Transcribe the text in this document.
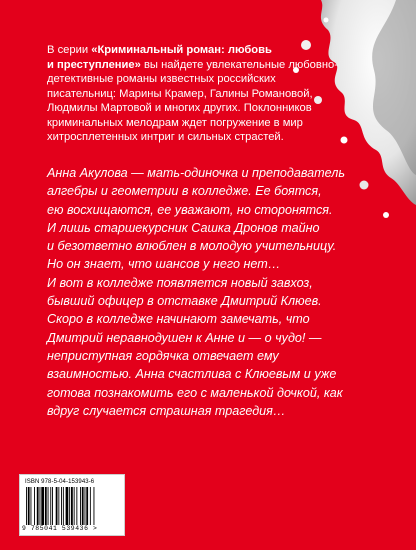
В серии «Криминальный роман: любовь
и преступление» вы найдете увлекательные любовно-детективные романы известных российских писательниц: Марины Крамер, Галины Романовой, Людмилы Мартовой и многих других. Поклонников криминальных мелодрам ждет погружение в мир хитросплетенных интриг и сильных страстей.

Анна Акулова — мать-одиночка и преподаватель
алгебры и геометрии в колледже. Ее боятся,
ею восхищаются, ее уважают, но сторонятся.
И лишь старшекурсник Сашка Дронов тайно
и безответно влюблен в молодую учительницу.
Но он знает, что шансов у него нет…
И вот в колледже появляется новый завхоз,
бывший офицер в отставке Дмитрий Клюев.
Скоро в колледже начинают замечать, что
Дмитрий неравнодушен к Анне и — о чудо! —
неприступная гордячка отвечает ему
взаимностью. Анна счастлива с Клюевым и уже
готова познакомить его с маленькой дочкой, как
вдруг случается страшная трагедия…

ISBN 978-5-04-153943-6
9 785041 539436 >
